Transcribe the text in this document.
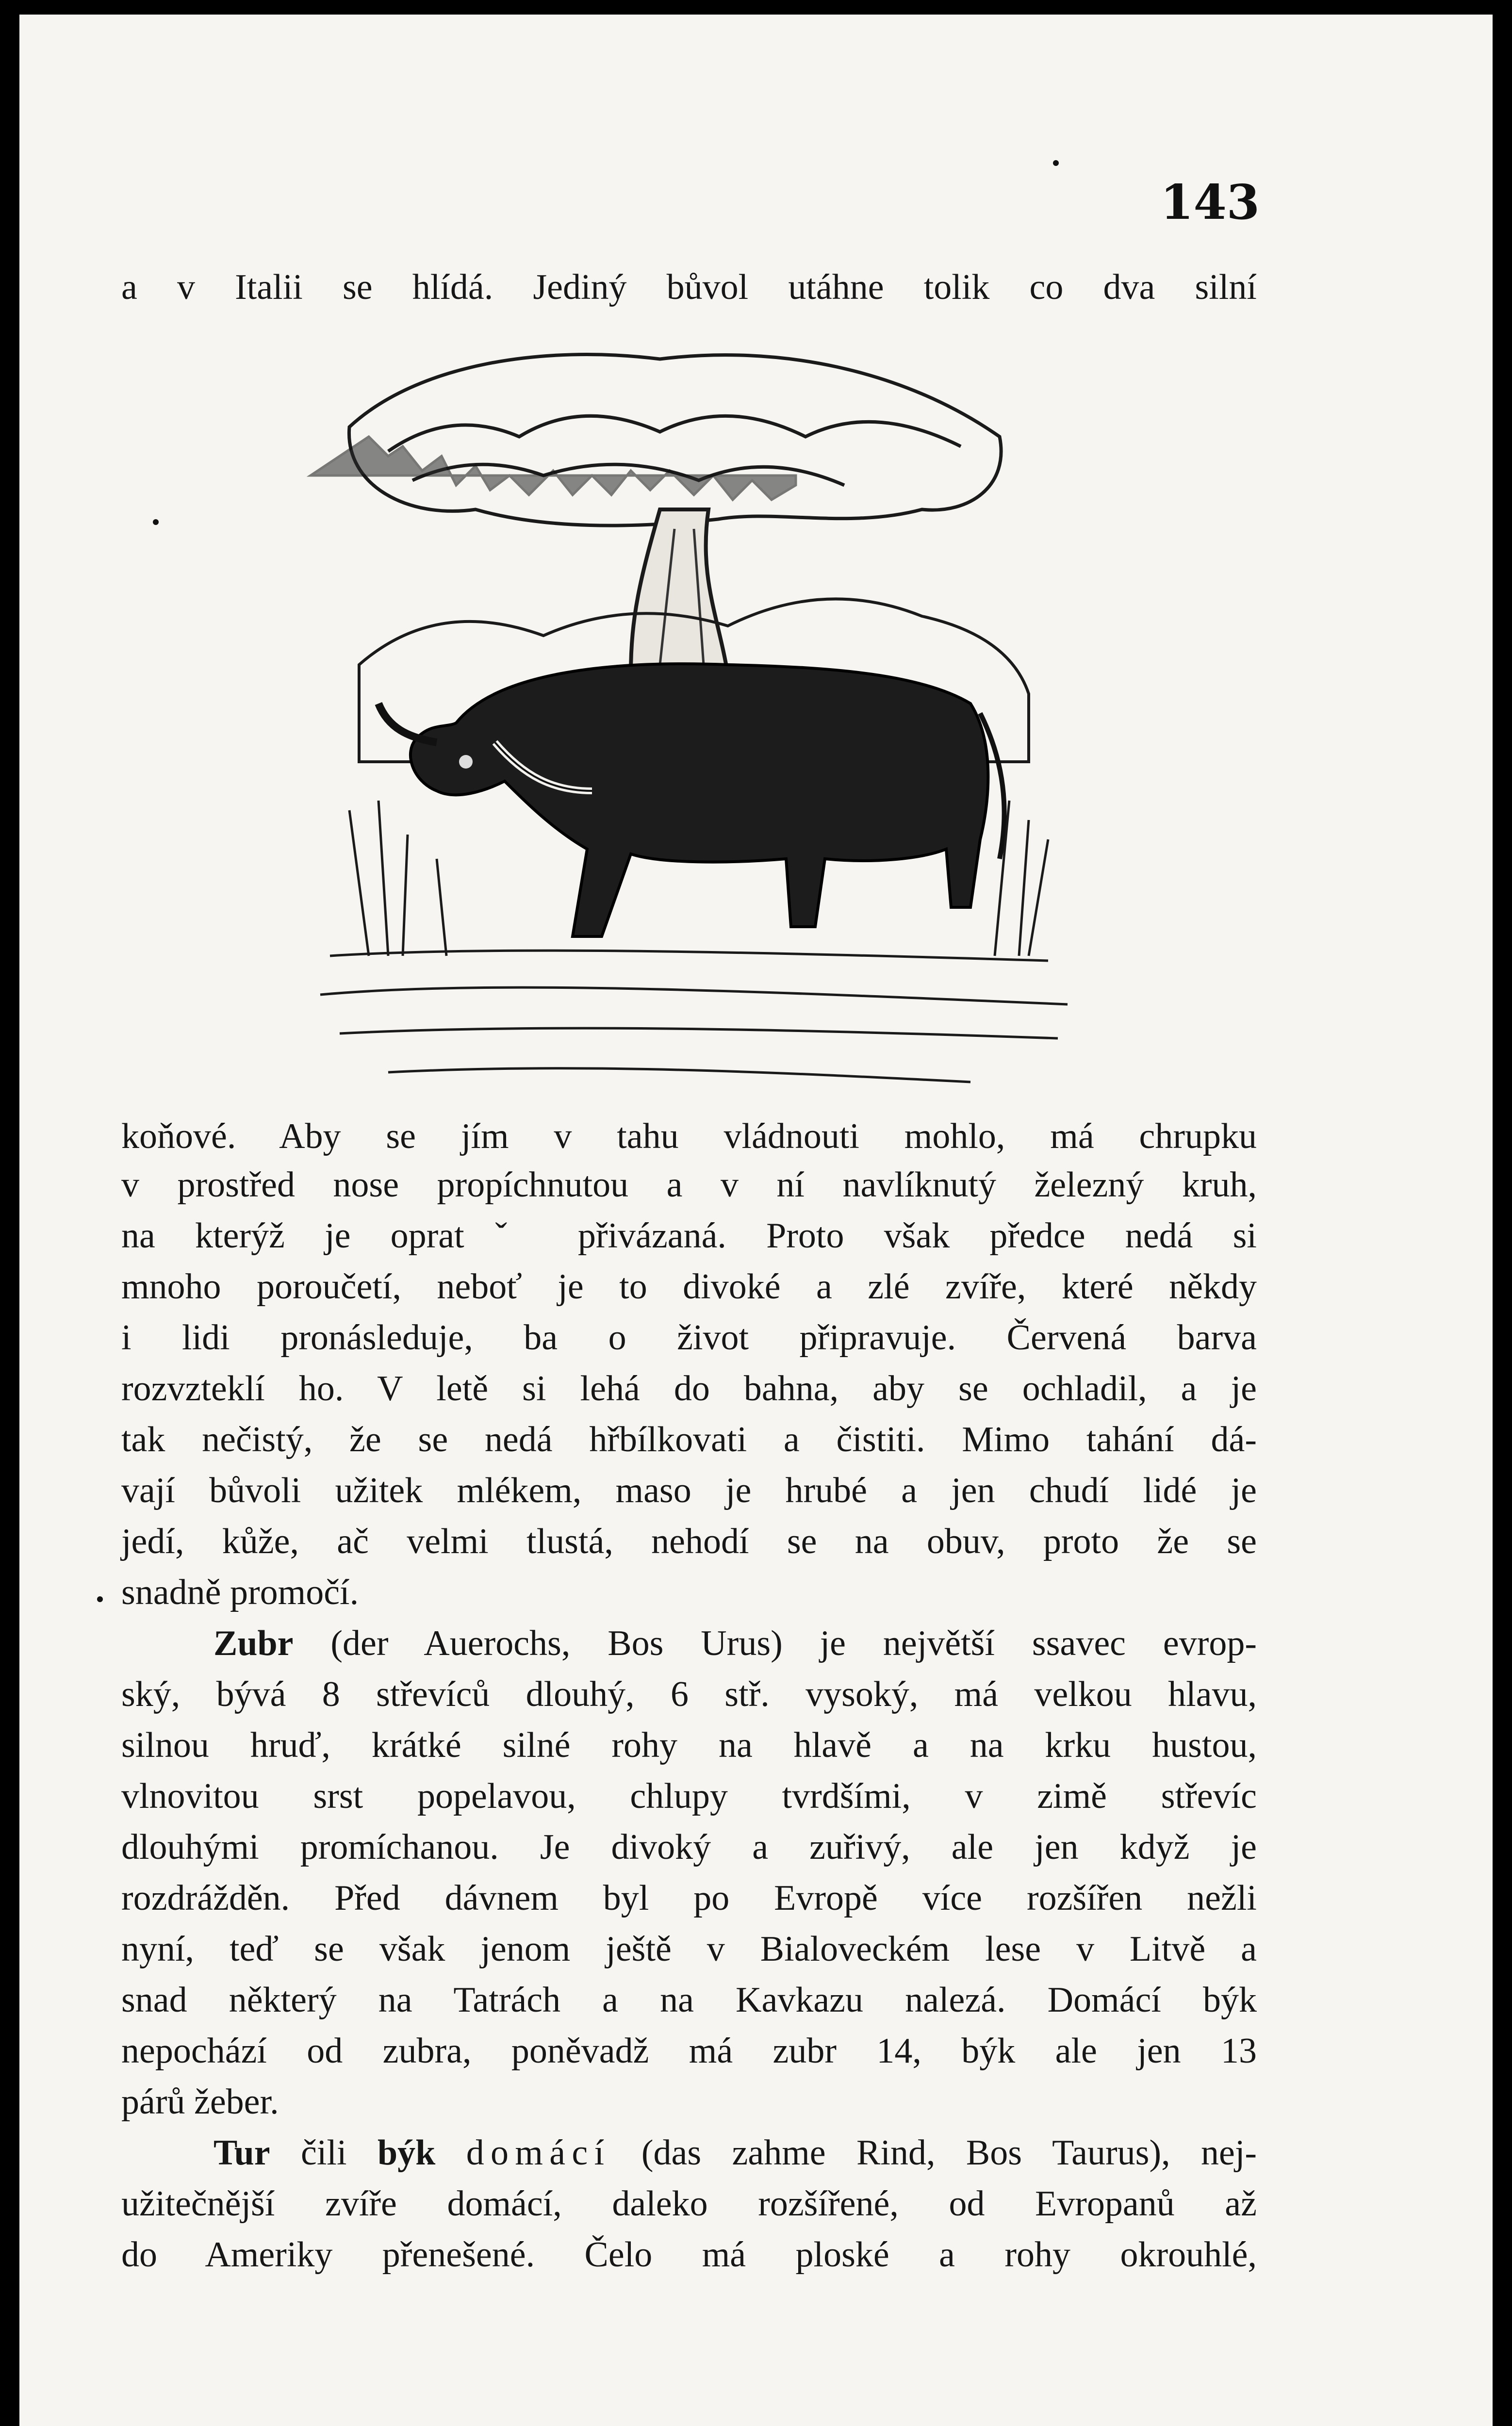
143
a v Italii se hlídá. Jediný bůvol utáhne tolik co dva silní
koňové. Aby se jím v tahu vládnouti mohlo, má chrupku
v prostřed nose propíchnutou a v ní navlíknutý železný kruh,
na kterýž je opratˇ přivázaná. Proto však předce nedá si
mnoho poroučetí, neboť je to divoké a zlé zvíře, které někdy
i lidi pronásleduje, ba o život připravuje. Červená barva
rozvzteklí ho. V letě si lehá do bahna, aby se ochladil, a je
tak nečistý, že se nedá hřbílkovati a čistiti. Mimo tahání dá-
vají bůvoli užitek mlékem, maso je hrubé a jen chudí lidé je
jedí, kůže, ač velmi tlustá, nehodí se na obuv, proto že se
snadně promočí.
Zubr (der Auerochs, Bos Urus) je největší ssavec evrop-
ský, bývá 8 střevíců dlouhý, 6 stř. vysoký, má velkou hlavu,
silnou hruď, krátké silné rohy na hlavě a na krku hustou,
vlnovitou srst popelavou, chlupy tvrdšími, v zimě střevíc
dlouhými promíchanou. Je divoký a zuřivý, ale jen když je
rozdrážděn. Před dávnem byl po Evropě více rozšířen nežli
nyní, teď se však jenom ještě v Bialoveckém lese v Litvě a
snad některý na Tatrách a na Kavkazu nalezá. Domácí býk
nepochází od zubra, poněvadž má zubr 14, býk ale jen 13
párů žeber.
Tur čili býk domácí (das zahme Rind, Bos Taurus), nej-
užitečnější zvíře domácí, daleko rozšířené, od Evropanů až
do Ameriky přenešené. Čelo má ploské a rohy okrouhlé,
